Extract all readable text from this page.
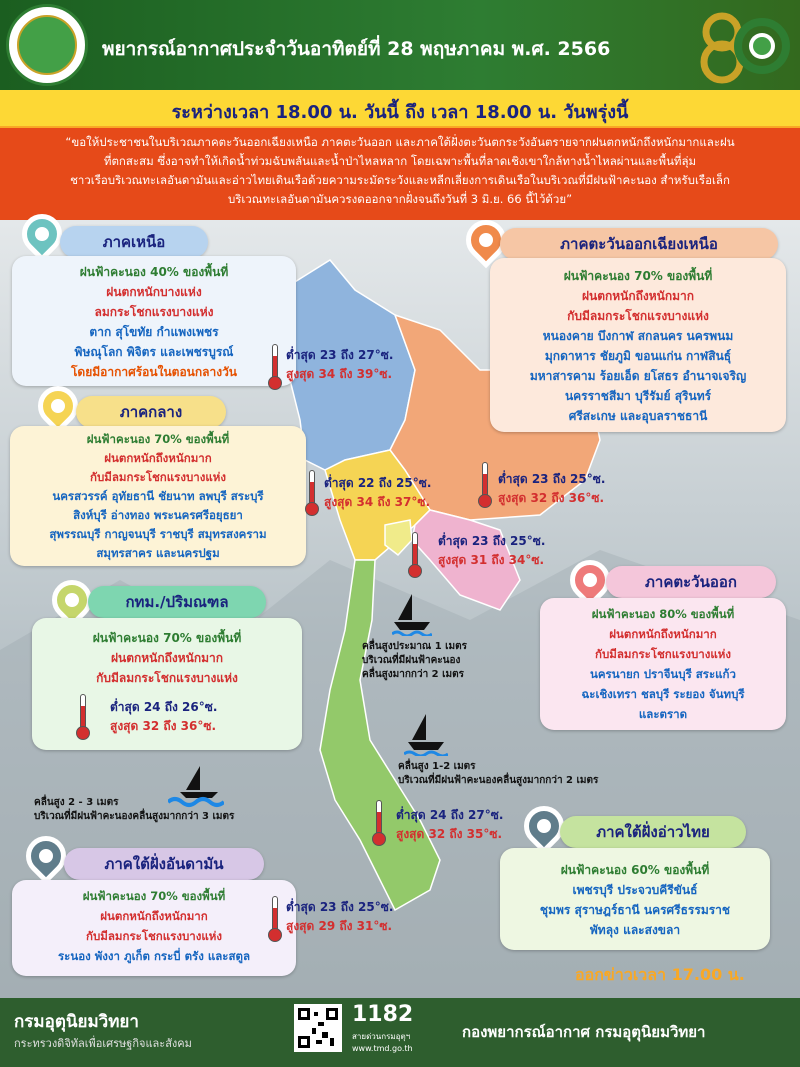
พยากรณ์อากาศประจำวันอาทิตย์ที่ 28 พฤษภาคม พ.ศ. 2566
ระหว่างเวลา 18.00 น. วันนี้ ถึง เวลา 18.00 น. วันพรุ่งนี้
“ขอให้ประชาชนในบริเวณภาคตะวันออกเฉียงเหนือ ภาคตะวันออก และภาคใต้ฝั่งตะวันตกระวังอันตรายจากฝนตกหนักถึงหนักมากและฝน
ที่ตกสะสม ซึ่งอาจทำให้เกิดน้ำท่วมฉับพลันและน้ำป่าไหลหลาก โดยเฉพาะพื้นที่ลาดเชิงเขาใกล้ทางน้ำไหลผ่านและพื้นที่ลุ่ม
ชาวเรือบริเวณทะเลอันดามันและอ่าวไทยเดินเรือด้วยความระมัดระวังและหลีกเลี่ยงการเดินเรือในบริเวณที่มีฝนฟ้าคะนอง สำหรับเรือเล็ก
บริเวณทะเลอันดามันควรงดออกจากฝั่งจนถึงวันที่ 3 มิ.ย. 66 นี้ไว้ด้วย”
ภาคเหนือ
ฝนฟ้าคะนอง 40% ของพื้นที่
ฝนตกหนักบางแห่ง
ลมกระโชกแรงบางแห่ง
ตาก สุโขทัย กำแพงเพชร
พิษณุโลก พิจิตร และเพชรบูรณ์
โดยมีอากาศร้อนในตอนกลางวัน
ต่ำสุด 23 ถึง 27°ซ.
สูงสุด 34 ถึง 39°ซ.
ภาคตะวันออกเฉียงเหนือ
ฝนฟ้าคะนอง 70% ของพื้นที่
ฝนตกหนักถึงหนักมาก
กับมีลมกระโชกแรงบางแห่ง
หนองคาย บึงกาฬ สกลนคร นครพนม
มุกดาหาร ชัยภูมิ ขอนแก่น กาฬสินธุ์
มหาสารคาม ร้อยเอ็ด ยโสธร อำนาจเจริญ
นครราชสีมา บุรีรัมย์ สุรินทร์
ศรีสะเกษ และอุบลราชธานี
ต่ำสุด 23 ถึง 25°ซ.
สูงสุด 32 ถึง 36°ซ.
ภาคกลาง
ฝนฟ้าคะนอง 70% ของพื้นที่
ฝนตกหนักถึงหนักมาก
กับมีลมกระโชกแรงบางแห่ง
นครสวรรค์ อุทัยธานี ชัยนาท ลพบุรี สระบุรี
สิงห์บุรี อ่างทอง พระนครศรีอยุธยา
สุพรรณบุรี กาญจนบุรี ราชบุรี สมุทรสงคราม
สมุทรสาคร และนครปฐม
ต่ำสุด 22 ถึง 25°ซ.
สูงสุด 34 ถึง 37°ซ.
กทม./ปริมณฑล
ฝนฟ้าคะนอง 70% ของพื้นที่
ฝนตกหนักถึงหนักมาก
กับมีลมกระโชกแรงบางแห่ง
ต่ำสุด 24 ถึง 26°ซ.
สูงสุด 32 ถึง 36°ซ.
ต่ำสุด 23 ถึง 25°ซ.
สูงสุด 31 ถึง 34°ซ.
ภาคตะวันออก
ฝนฟ้าคะนอง 80% ของพื้นที่
ฝนตกหนักถึงหนักมาก
กับมีลมกระโชกแรงบางแห่ง
นครนายก ปราจีนบุรี สระแก้ว
ฉะเชิงเทรา ชลบุรี ระยอง จันทบุรี
และตราด
คลื่นสูงประมาณ 1 เมตร
บริเวณที่มีฝนฟ้าคะนอง
คลื่นสูงมากกว่า 2 เมตร
คลื่นสูง 1-2 เมตร
บริเวณที่มีฝนฟ้าคะนองคลื่นสูงมากกว่า 2 เมตร
คลื่นสูง 2 - 3 เมตร
บริเวณที่มีฝนฟ้าคะนองคลื่นสูงมากกว่า 3 เมตร	ต่ำสุด 24 ถึง 27°ซ.
สูงสุด 32 ถึง 35°ซ.	ภาคใต้ฝั่งอ่าวไทย
ฝนฟ้าคะนอง 60% ของพื้นที่
เพชรบุรี ประจวบคีรีขันธ์
ชุมพร สุราษฎร์ธานี นครศรีธรรมราช
พัทลุง และสงขลา
ภาคใต้ฝั่งอันดามัน
ฝนฟ้าคะนอง 70% ของพื้นที่
ฝนตกหนักถึงหนักมาก
กับมีลมกระโชกแรงบางแห่ง
ระนอง พังงา ภูเก็ต กระบี่ ตรัง และสตูล
ต่ำสุด 23 ถึง 25°ซ.
สูงสุด 29 ถึง 31°ซ.
ออกข่าวเวลา 17.00 น.
กรมอุตุนิยมวิทยา
กระทรวงดิจิทัลเพื่อเศรษฐกิจและสังคม
1182
สายด่วนกรมอุตุฯ
www.tmd.go.th
กองพยากรณ์อากาศ กรมอุตุนิยมวิทยา
